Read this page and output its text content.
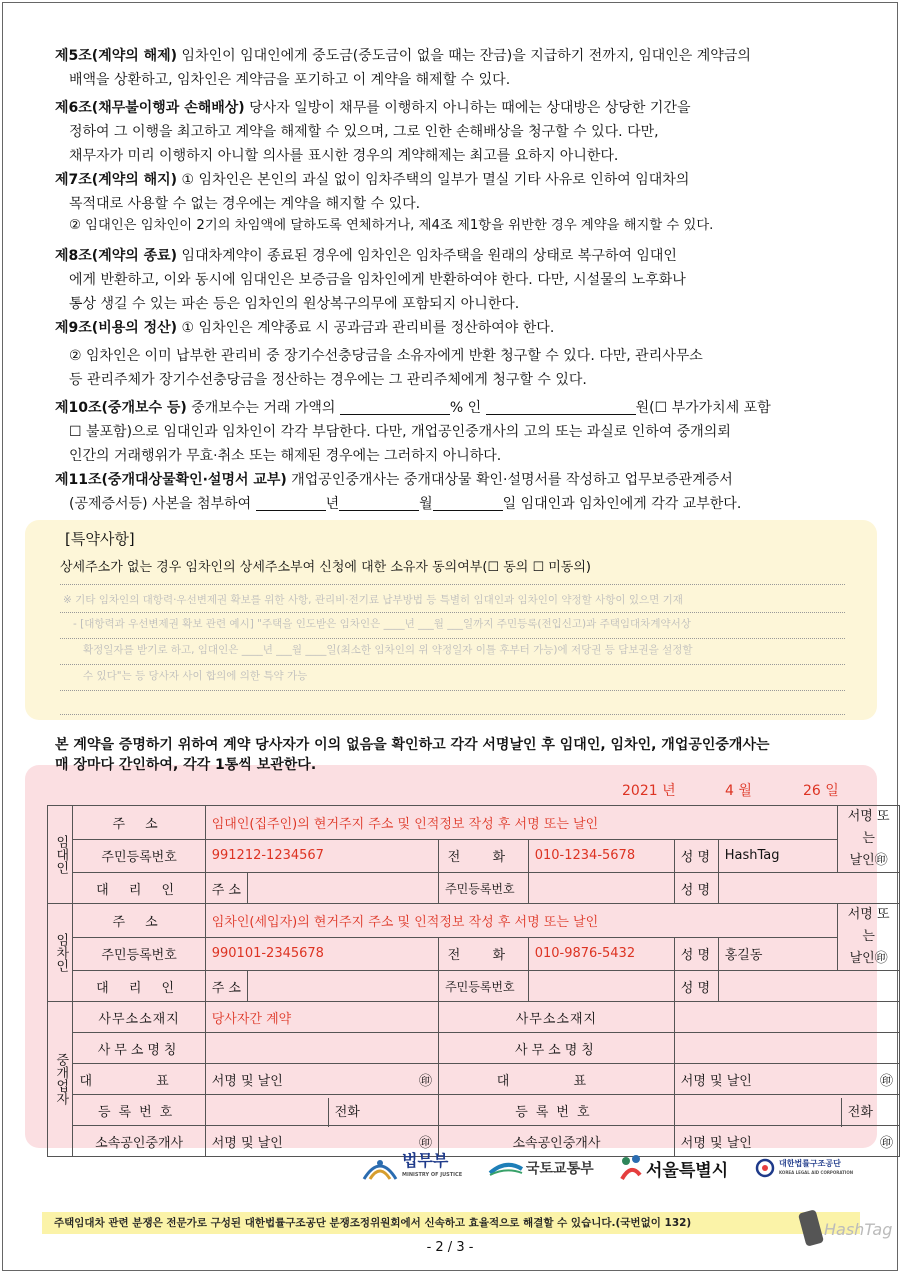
제5조(계약의 해제) 임차인이 임대인에게 중도금(중도금이 없을 때는 잔금)을 지급하기 전까지, 임대인은 계약금의
배액을 상환하고, 임차인은 계약금을 포기하고 이 계약을 해제할 수 있다.
제6조(채무불이행과 손해배상) 당사자 일방이 채무를 이행하지 아니하는 때에는 상대방은 상당한 기간을
정하여 그 이행을 최고하고 계약을 해제할 수 있으며, 그로 인한 손해배상을 청구할 수 있다. 다만,
채무자가 미리 이행하지 아니할 의사를 표시한 경우의 계약해제는 최고를 요하지 아니한다.
제7조(계약의 해지) ① 임차인은 본인의 과실 없이 임차주택의 일부가 멸실 기타 사유로 인하여 임대차의
목적대로 사용할 수 없는 경우에는 계약을 해지할 수 있다.
② 임대인은 임차인이 2기의 차임액에 달하도록 연체하거나, 제4조 제1항을 위반한 경우 계약을 해지할 수 있다.
제8조(계약의 종료) 임대차계약이 종료된 경우에 임차인은 임차주택을 원래의 상태로 복구하여 임대인
에게 반환하고, 이와 동시에 임대인은 보증금을 임차인에게 반환하여야 한다. 다만, 시설물의 노후화나
통상 생길 수 있는 파손 등은 임차인의 원상복구의무에 포함되지 아니한다.
제9조(비용의 정산) ① 임차인은 계약종료 시 공과금과 관리비를 정산하여야 한다.
② 임차인은 이미 납부한 관리비 중 장기수선충당금을 소유자에게 반환 청구할 수 있다. 다만, 관리사무소
등 관리주체가 장기수선충당금을 정산하는 경우에는 그 관리주체에게 청구할 수 있다.
제10조(중개보수 등) 중개보수는 거래 가액의	% 인	원(☐ 부가가치세 포함
☐ 불포함)으로 임대인과 임차인이 각각 부담한다. 다만, 개업공인중개사의 고의 또는 과실로 인하여 중개의뢰
인간의 거래행위가 무효·취소 또는 해제된 경우에는 그러하지 아니하다.
제11조(중개대상물확인·설명서 교부) 개업공인중개사는 중개대상물 확인·설명서를 작성하고 업무보증관계증서
(공제증서등) 사본을 첨부하여	년	월	일 임대인과 임차인에게 각각 교부한다.
[특약사항]
상세주소가 없는 경우 임차인의 상세주소부여 신청에 대한 소유자 동의여부(☐ 동의 ☐ 미동의)
※ 기타 임차인의 대항력·우선변제권 확보를 위한 사항, 관리비·전기료 납부방법 등 특별히 임대인과 임차인이 약정할 사항이 있으면 기재
- [대항력과 우선변제권 확보 관련 예시] "주택을 인도받은 임차인은 ____년 ___월 ___일까지 주민등록(전입신고)과 주택임대차계약서상
확정일자를 받기로 하고, 임대인은 ____년 ___월 ____일(최소한 임차인의 위 약정일자 이틀 후부터 가능)에 저당권 등 담보권을 설정할
수 있다"는 등 당사자 사이 합의에 의한 특약 가능
본 계약을 증명하기 위하여 계약 당사자가 이의 없음을 확인하고 각각 서명날인 후 임대인, 임차인, 개업공인중개사는
매 장마다 간인하여, 각각 1통씩 보관한다.
2021 년	4 월	26 일
임대인	주 소	임대인(집주인)의 현거주지 주소 및 인적정보 작성 후 서명 또는 날인						서명 또는
날인㊞

	주민등록번호	991212-1234567		전 화	010-1234-5678	성 명	HashTag	
	대 리 인	주 소		주민등록번호		성 명		

임차인	주 소	임차인(세입자)의 현거주지 주소 및 인적정보 작성 후 서명 또는 날인						서명 또는
날인㊞

	주민등록번호	990101-2345678		전 화	010-9876-5432	성 명	홍길동	
	대 리 인	주 소		주민등록번호		성 명		

중개업자	사무소소재지	당사자간 계약		사무소소재지				
	사무소명칭			사무소명칭				
	대 표	서명 및 날인 ㊞		대 표		서명 및 날인 ㊞		

	등록번호	전화		등록번호		전화		
	소속공인중개사	서명 및 날인 ㊞		소속공인중개사		서명 및 날인 ㊞		
법무부
MINISTRY OF JUSTICE	국토교통부	서울특별시	대한법률구조공단
KOREA LEGAL AID CORPORATION
주택임대차 관련 분쟁은 전문가로 구성된 대한법률구조공단 분쟁조정위원회에서 신속하고 효율적으로 해결할 수 있습니다.(국번없이 132)
- 2 / 3 -
HashTag
